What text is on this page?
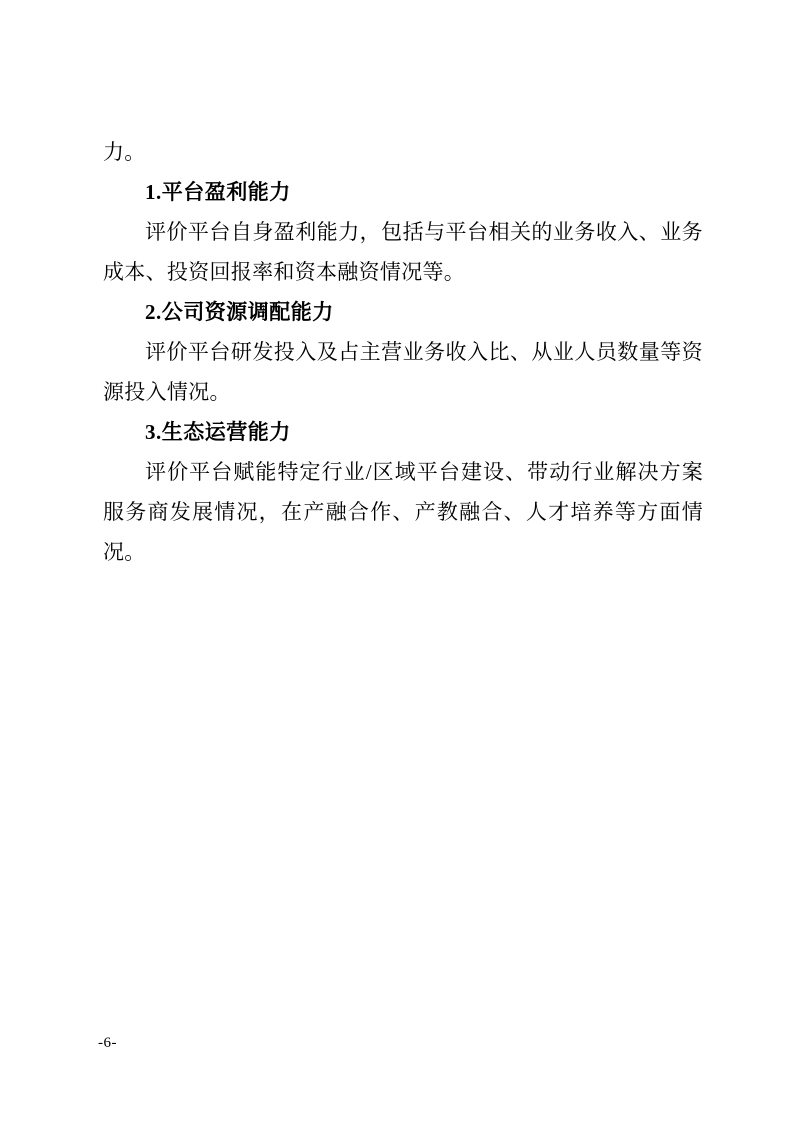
力。

1.平台盈利能力

评价平台自身盈利能力，包括与平台相关的业务收入、业务成本、投资回报率和资本融资情况等。

2.公司资源调配能力

评价平台研发投入及占主营业务收入比、从业人员数量等资源投入情况。

3.生态运营能力

评价平台赋能特定行业/区域平台建设、带动行业解决方案服务商发展情况，在产融合作、产教融合、人才培养等方面情况。

-6-
